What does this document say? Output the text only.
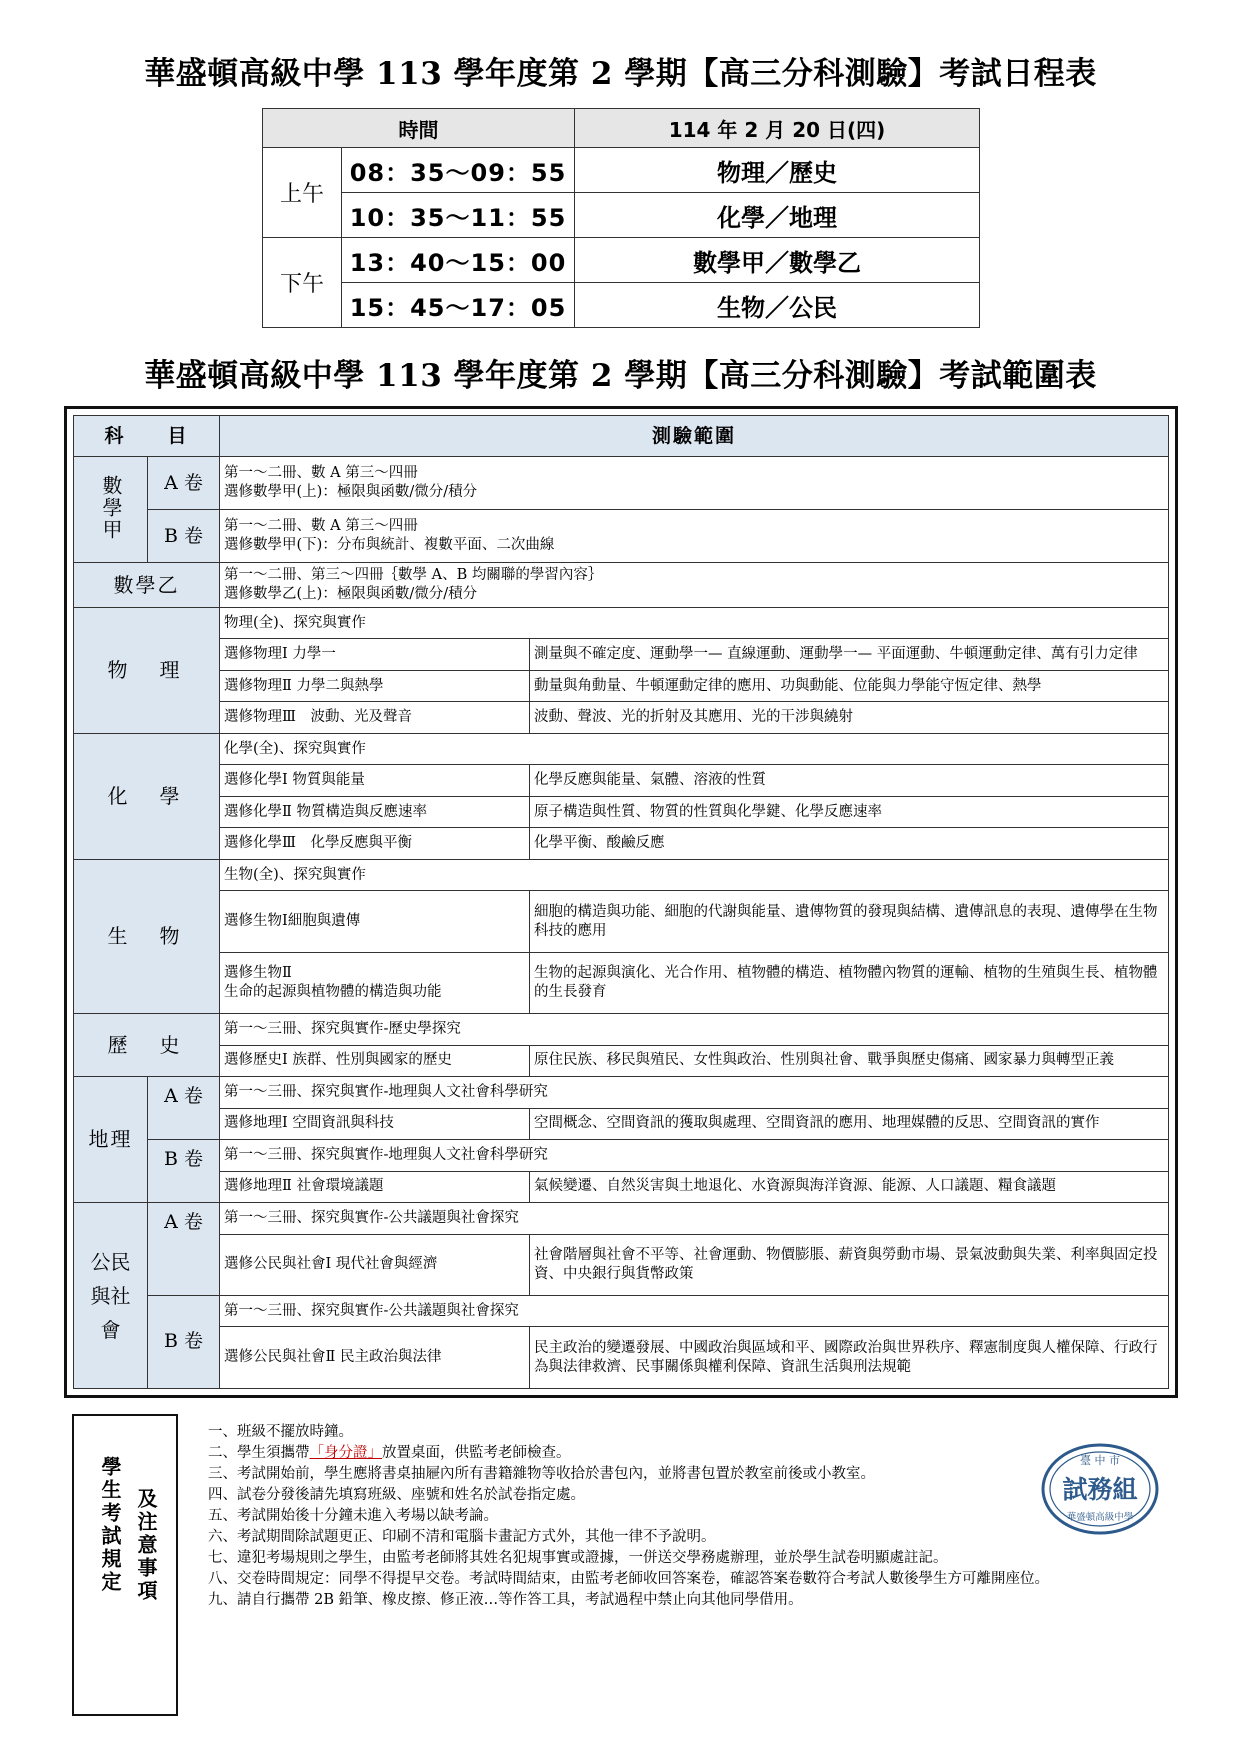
華盛頓高級中學 113 學年度第 2 學期【高三分科測驗】考試日程表
時間		114 年 2 月 20 日(四)
上午	08：35～09：55	物理／歷史
	10：35～11：55	化學／地理
下午	13：40～15：00	數學甲／數學乙
	15：45～17：05	生物／公民
華盛頓高級中學 113 學年度第 2 學期【高三分科測驗】考試範圍表
科　　目		測驗範圍	
數學甲	A 卷	第一～二冊、數 A 第三～四冊
選修數學甲(上)：極限與函數/微分/積分	

	B 卷	第一～二冊、數 A 第三～四冊
選修數學甲(下)：分布與統計、複數平面、二次曲線	

數學乙		第一～二冊、第三～四冊｛數學 A、B 均關聯的學習內容｝
選修數學乙(上)：極限與函數/微分/積分	

物　理		物理(全)、探究與實作	
		選修物理Ⅰ 力學一	測量與不確定度、運動學一— 直線運動、運動學一— 平面運動、牛頓運動定律、萬有引力定律
		選修物理Ⅱ 力學二與熱學	動量與角動量、牛頓運動定律的應用、功與動能、位能與力學能守恆定律、熱學
		選修物理Ⅲ　波動、光及聲音	波動、聲波、光的折射及其應用、光的干涉與繞射
化　學		化學(全)、探究與實作	
		選修化學Ⅰ 物質與能量	化學反應與能量、氣體、溶液的性質
		選修化學Ⅱ 物質構造與反應速率	原子構造與性質、物質的性質與化學鍵、化學反應速率
		選修化學Ⅲ　化學反應與平衡	化學平衡、酸鹼反應
生　物		生物(全)、探究與實作	
		選修生物Ⅰ細胞與遺傳	細胞的構造與功能、細胞的代謝與能量、遺傳物質的發現與結構、遺傳訊息的表現、遺傳學在生物科技的應用
		選修生物Ⅱ
生命的起源與植物體的構造與功能	生物的起源與演化、光合作用、植物體的構造、植物體內物質的運輸、植物的生殖與生長、植物體的生長發育
歷　史		第一～三冊、探究與實作-歷史學探究	
		選修歷史Ⅰ 族群、性別與國家的歷史	原住民族、移民與殖民、女性與政治、性別與社會、戰爭與歷史傷痛、國家暴力與轉型正義
地理	A 卷	第一～三冊、探究與實作-地理與人文社會科學研究	
		選修地理Ⅰ 空間資訊與科技	空間概念、空間資訊的獲取與處理、空間資訊的應用、地理媒體的反思、空間資訊的實作
	B 卷	第一～三冊、探究與實作-地理與人文社會科學研究	
		選修地理Ⅱ 社會環境議題	氣候變遷、自然災害與土地退化、水資源與海洋資源、能源、人口議題、糧食議題
公民與社會	A 卷	第一～三冊、探究與實作-公共議題與社會探究	
		選修公民與社會Ⅰ 現代社會與經濟	社會階層與社會不平等、社會運動、物價膨脹、薪資與勞動市場、景氣波動與失業、利率與固定投資、中央銀行與貨幣政策
	B 卷	第一～三冊、探究與實作-公共議題與社會探究	
		選修公民與社會Ⅱ 民主政治與法律	民主政治的變遷發展、中國政治與區域和平、國際政治與世界秩序、釋憲制度與人權保障、行政行為與法律救濟、民事關係與權利保障、資訊生活與刑法規範
學生考試規定 及注意事項
一、班級不擺放時鐘。
二、學生須攜帶「身分證」放置桌面，供監考老師檢查。
三、考試開始前，學生應將書桌抽屜內所有書籍雜物等收拾於書包內，並將書包置於教室前後或小教室。
四、試卷分發後請先填寫班級、座號和姓名於試卷指定處。
五、考試開始後十分鐘未進入考場以缺考論。
六、考試期間除試題更正、印刷不清和電腦卡畫記方式外，其他一律不予說明。
七、違犯考場規則之學生，由監考老師將其姓名犯規事實或證據，一併送交學務處辦理，並於學生試卷明顯處註記。
八、交卷時間規定：同學不得提早交卷。考試時間結束，由監考老師收回答案卷，確認答案卷數符合考試人數後學生方可離開座位。
九、請自行攜帶 2B 鉛筆、橡皮擦、修正液…等作答工具，考試過程中禁止向其他同學借用。
臺 中 市
試務組
華盛頓高級中學
